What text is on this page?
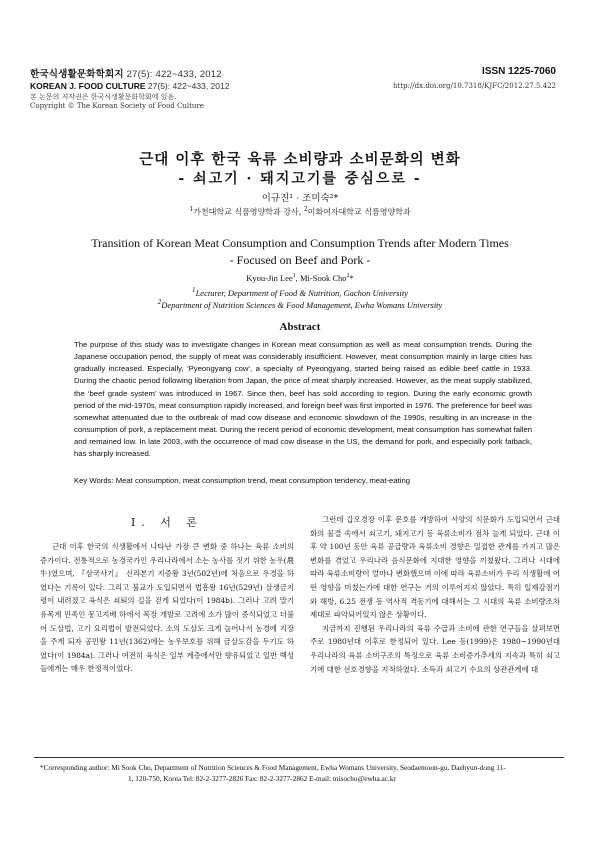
한국식생활문화학회지 27(5): 422~433, 2012
KOREAN J. FOOD CULTURE 27(5): 422~433, 2012
본 논문의 저작권은 한국식생활문화학회에 있음.
Copyright © The Korean Society of Food Culture
ISSN 1225-7060
http://dx.doi.org/10.7318/KJFC/2012.27.5.422
근대 이후 한국 육류 소비량과 소비문화의 변화
- 쇠고기 · 돼지고기를 중심으로 -
이규진¹ · 조미숙²*
$^1$가천대학교 식품영양학과 강사, $^2$이화여자대학교 식품영양학과
Transition of Korean Meat Consumption and Consumption Trends after Modern Times
- Focused on Beef and Pork -
Kyou-Jin Lee$^1$, Mi-Sook Cho$^2$*
$^1$Lecturer, Department of Food & Nutrition, Gachon University
$^2$Department of Nutrition Sciences & Food Management, Ewha Womans University
Abstract
The purpose of this study was to investigate changes in Korean meat consumption as well as meat consumption trends. During the Japanese occupation period, the supply of meat was considerably insufficient. However, meat consumption mainly in large cities has gradually increased. Especially, ‘Pyeongyang cow’, a specialty of Pyeongyang, started being raised as edible beef cattle in 1933. During the chaotic period following liberation from Japan, the price of meat sharply increased. However, as the meat supply stabilized, the ‘beef grade system’ was introduced in 1967. Since then, beef has sold according to region. During the early economic growth period of the mid-1970s, meat consumption rapidly increased, and foreign beef was first imported in 1976. The preference for beef was somewhat attenuated due to the outbreak of mad cow disease and economic slowdown of the 1990s, resulting in an increase in the consumption of pork, a replacement meat. During the recent period of economic development, meat consumption has somewhat fallen and remained low. In late 2003, with the occurrence of mad cow disease in the US, the demand for pork, and especially pork fatback, has sharply increased.
Key Words: Meat consumption, meat consumption trend, meat consumption tendency, meat-eating
I. 서 론

근대 이후 한국의 식생활에서 나타난 가장 큰 변화 중 하나는 육류 소비의 증가이다. 전통적으로 농경국가인 우리나라에서 소는 농사를 짓기 위한 농우(農牛)였으며, 『삼국사기』 신라본기 지증왕 3년(502년)에 처음으로 우경을 하였다는 기록이 있다. 그리고 불교가 도입되면서 법흥왕 16년(529년) 살생금지령이 내려졌고 육식은 쇠퇴의 길을 걷게 되었다(이 1984b). 그러나 고려 말기 유목계 민족인 몽고지배 하에서 목장 개발로 고려에 소가 많이 증식되었고 더불어 도살법, 고기 요리법이 발전되었다. 소의 도살도 크게 늘어나서 농경에 지장을 주게 되자 공민왕 11년(1362)에는 농우보호를 위해 금살도감을 두기도 하였다(이 1984a). 그러나 여전히 육식은 일부 계층에서만 향유되었고 일반 백성들에게는 매우 한정적이었다.

그런데 갑오경장 이후 문호를 개방하여 서양의 식문화가 도입되면서 근대화의 물결 속에서 쇠고기, 돼지고기 등 육류소비가 점차 늘게 되었다. 근대 이후 약 100년 동안 육류 공급량과 육류소비 경향은 밀접한 관계를 가지고 많은 변화를 겪었고 우리나라 음식문화에 지대한 영향을 끼쳤왔다. 그러나 시대에 따라 육류소비량이 얼마나 변화했으며 이에 따라 육류소비가 우리 식생활에 어떤 영향을 미쳤는가에 대한 연구는 거의 이루어지지 않았다. 특히 일제강점기와 해방, 6.25 전쟁 등 역사적 격동기에 대해서는 그 시대의 육류 소비량조차 제대로 파악되어있지 않은 상황이다.

지금까지 진행된 우리나라의 육류 수급과 소비에 관한 연구들을 살펴보면 주로 1980년대 이후로 한정되어 있다. Lee 등(1999)은 1980~1990년대 우리나라의 육류 소비구조의 특징으로 육류 소비증가추세의 지속과 특히 쇠고기에 대한 선호경향을 지적하였다. 소득과 쇠고기 수요의 상관관계에 대

*Corresponding author: Mi Sook Cho, Department of Nutrition Sciences & Food Management, Ewha Womans University, Seodaemoon-gu, Daehyun-dong 11-
1, 120-750, Korea Tel: 82-2-3277-2826 Fax: 82-2-3277-2862 E-mail: misocho@ewha.ac.kr
